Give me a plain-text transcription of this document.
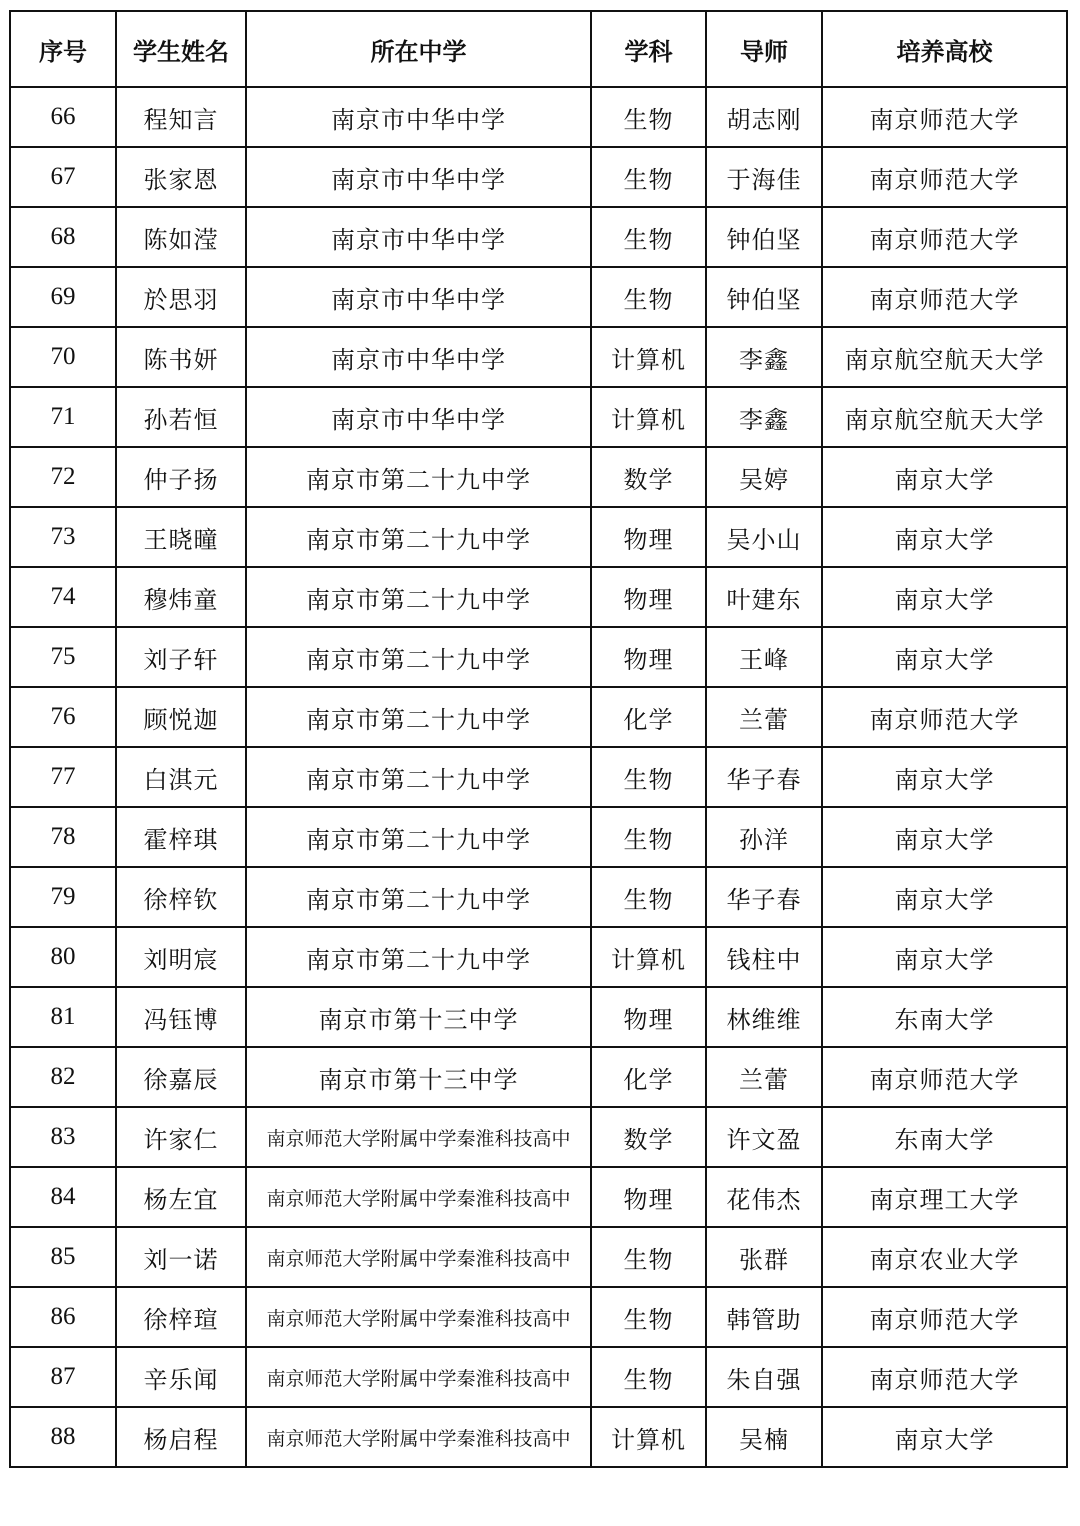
序号	学生姓名	所在中学	学科	导师	培养高校
66	程知言	南京市中华中学	生物	胡志刚	南京师范大学
67	张家恩	南京市中华中学	生物	于海佳	南京师范大学
68	陈如滢	南京市中华中学	生物	钟伯坚	南京师范大学
69	於思羽	南京市中华中学	生物	钟伯坚	南京师范大学
70	陈书妍	南京市中华中学	计算机	李鑫	南京航空航天大学
71	孙若恒	南京市中华中学	计算机	李鑫	南京航空航天大学
72	仲子扬	南京市第二十九中学	数学	吴婷	南京大学
73	王晓曈	南京市第二十九中学	物理	吴小山	南京大学
74	穆炜童	南京市第二十九中学	物理	叶建东	南京大学
75	刘子轩	南京市第二十九中学	物理	王峰	南京大学
76	顾悦迦	南京市第二十九中学	化学	兰蕾	南京师范大学
77	白淇元	南京市第二十九中学	生物	华子春	南京大学
78	霍梓琪	南京市第二十九中学	生物	孙洋	南京大学
79	徐梓钦	南京市第二十九中学	生物	华子春	南京大学
80	刘明宸	南京市第二十九中学	计算机	钱柱中	南京大学
81	冯钰博	南京市第十三中学	物理	林维维	东南大学
82	徐嘉辰	南京市第十三中学	化学	兰蕾	南京师范大学
83	许家仁	南京师范大学附属中学秦淮科技高中	数学	许文盈	东南大学
84	杨左宜	南京师范大学附属中学秦淮科技高中	物理	花伟杰	南京理工大学
85	刘一诺	南京师范大学附属中学秦淮科技高中	生物	张群	南京农业大学
86	徐梓瑄	南京师范大学附属中学秦淮科技高中	生物	韩管助	南京师范大学
87	辛乐闻	南京师范大学附属中学秦淮科技高中	生物	朱自强	南京师范大学
88	杨启程	南京师范大学附属中学秦淮科技高中	计算机	吴楠	南京大学
